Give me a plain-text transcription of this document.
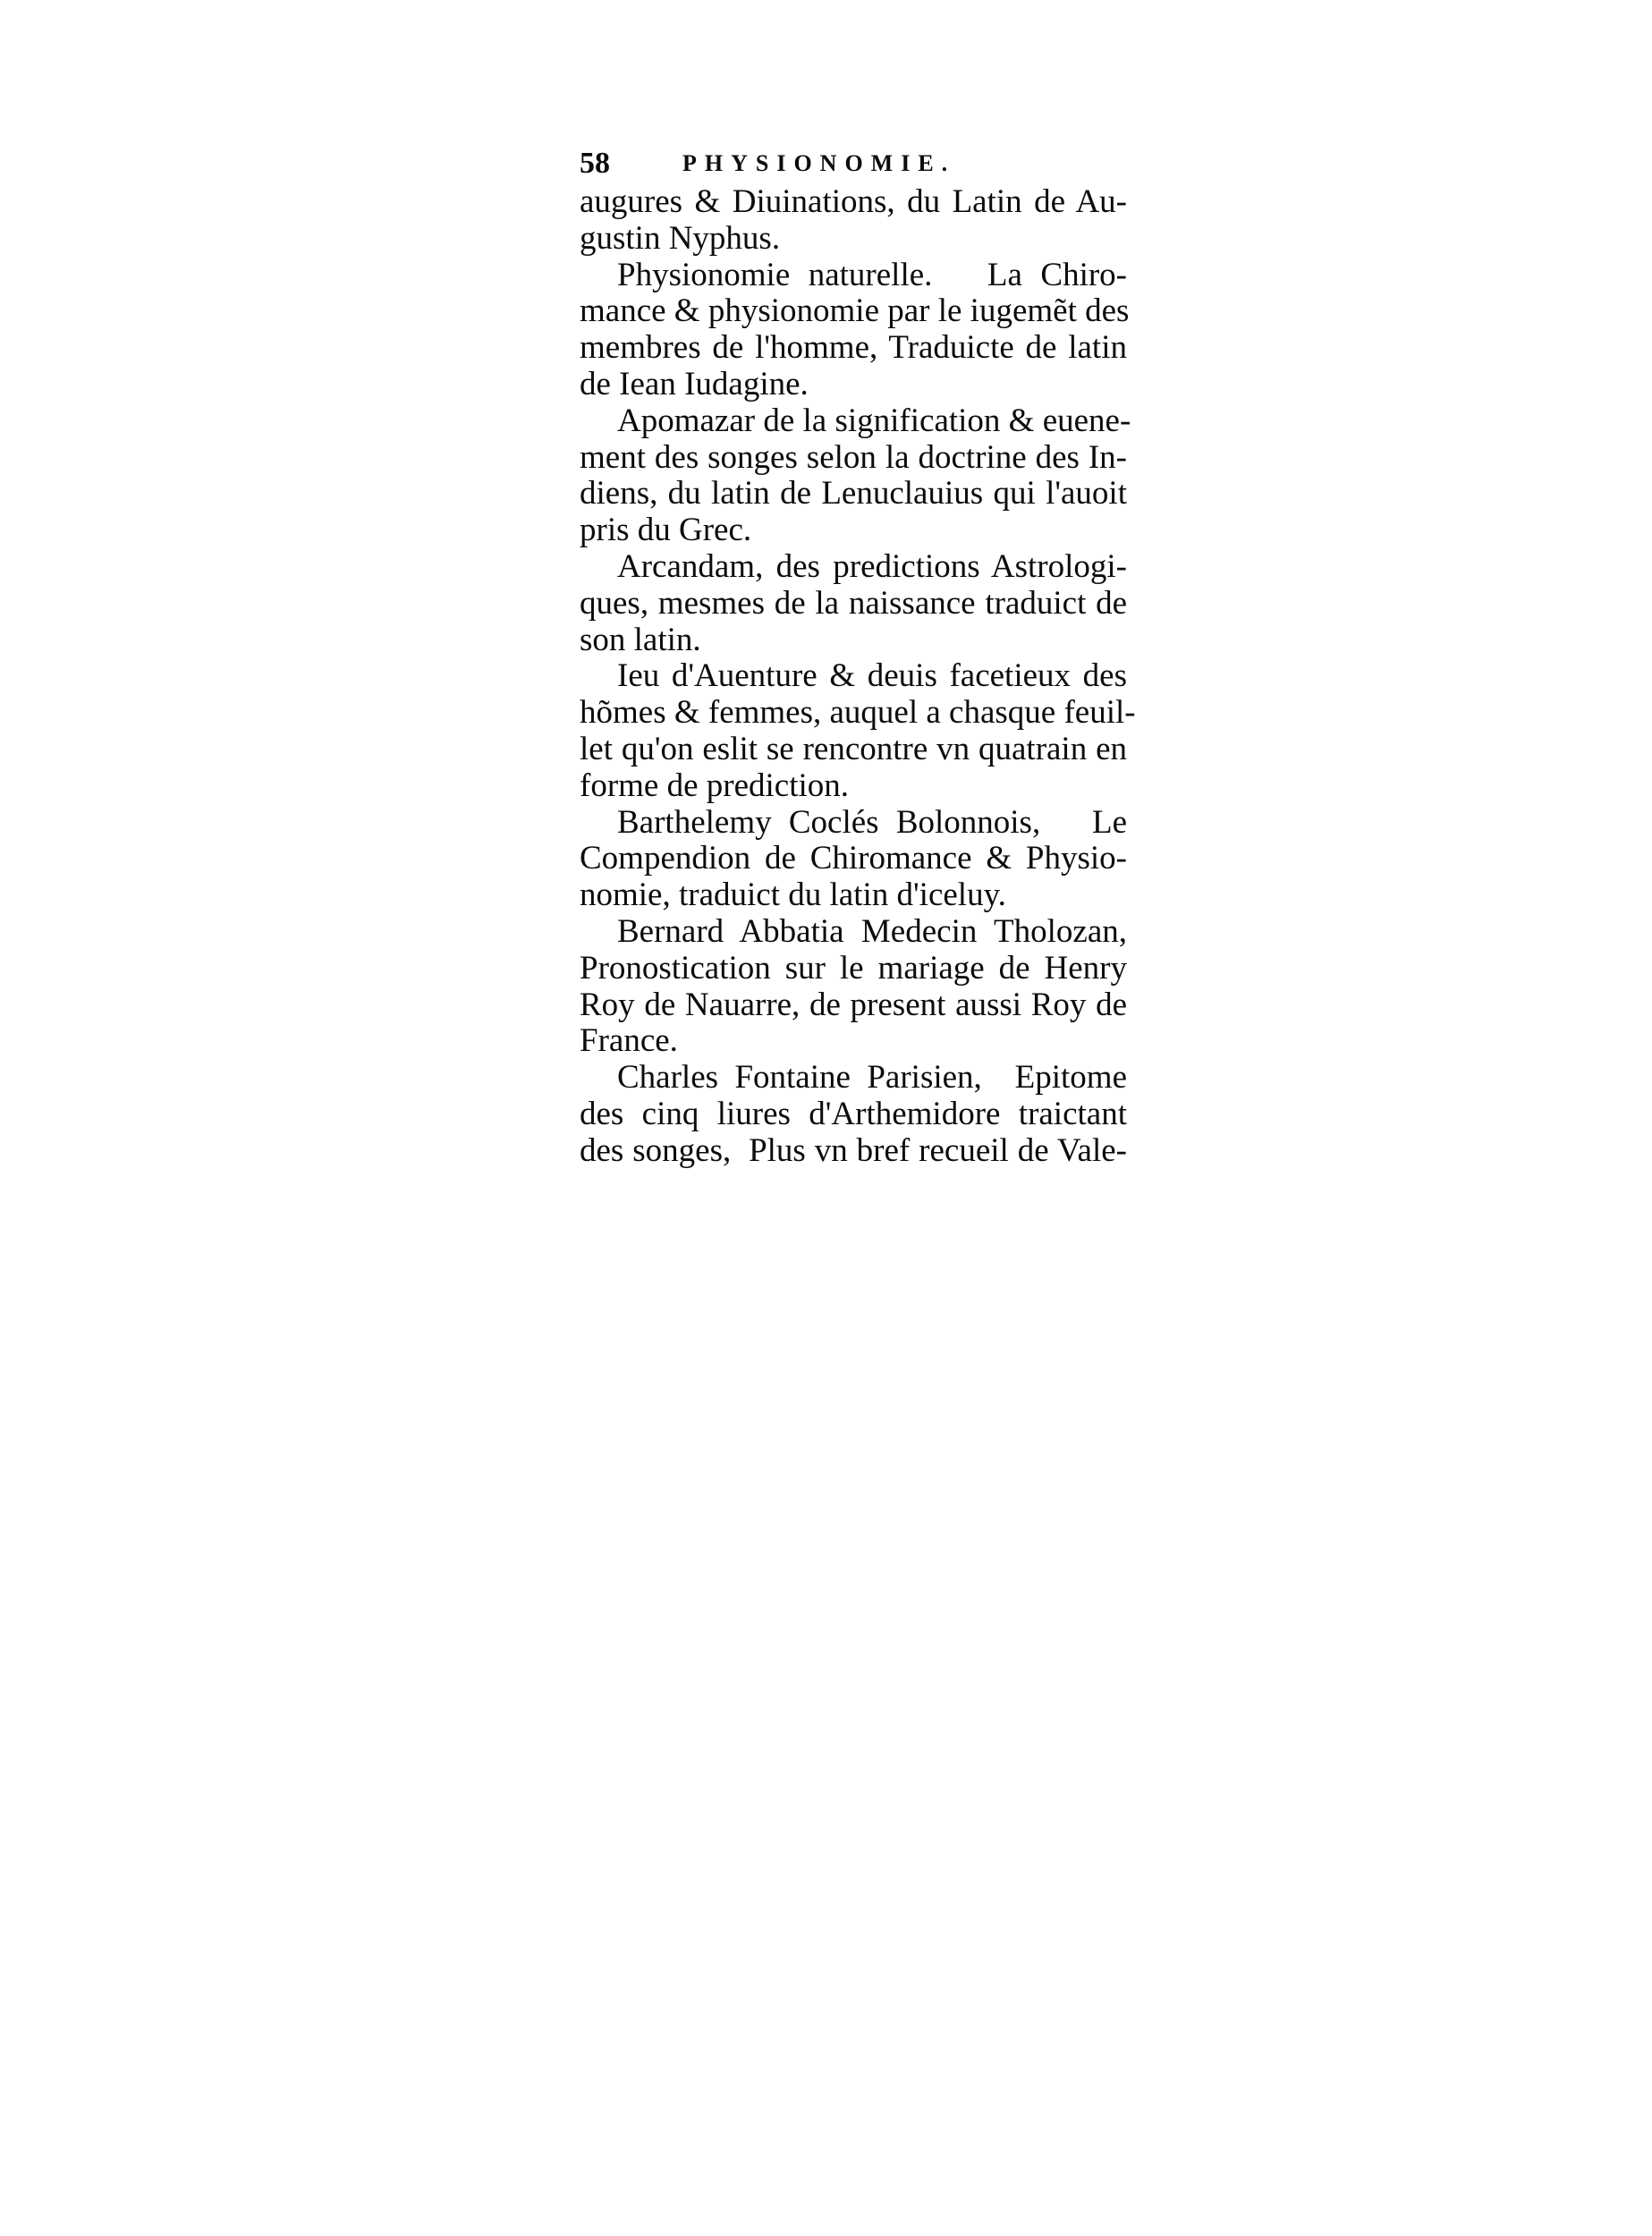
58	PHYSIONOMIE.
augures & Diuinations, du Latin de Au-
gustin Nyphus.
Physionomie naturelle.   La Chiro-
mance & physionomie par le iugemẽt des
membres de l'homme, Traduicte de latin
de Iean Iudagine.
Apomazar de la signification & euene-
ment des songes selon la doctrine des In-
diens, du latin de Lenuclauius qui l'auoit
pris du Grec.
Arcandam, des predictions Astrologi-
ques, mesmes de la naissance traduict de
son latin.
Ieu d'Auenture & deuis facetieux des
hõmes & femmes, auquel a chasque feuil-
let qu'on eslit se rencontre vn quatrain en
forme de prediction.
Barthelemy Coclés Bolonnois,   Le
Compendion de Chiromance & Physio-
nomie, traduict du latin d'iceluy.
Bernard Abbatia Medecin Tholozan,
Pronostication sur le mariage de Henry
Roy de Nauarre, de present aussi Roy de
France.
Charles Fontaine Parisien,  Epitome
des cinq liures d'Arthemidore traictant
des songes,  Plus vn bref recueil de Vale-
